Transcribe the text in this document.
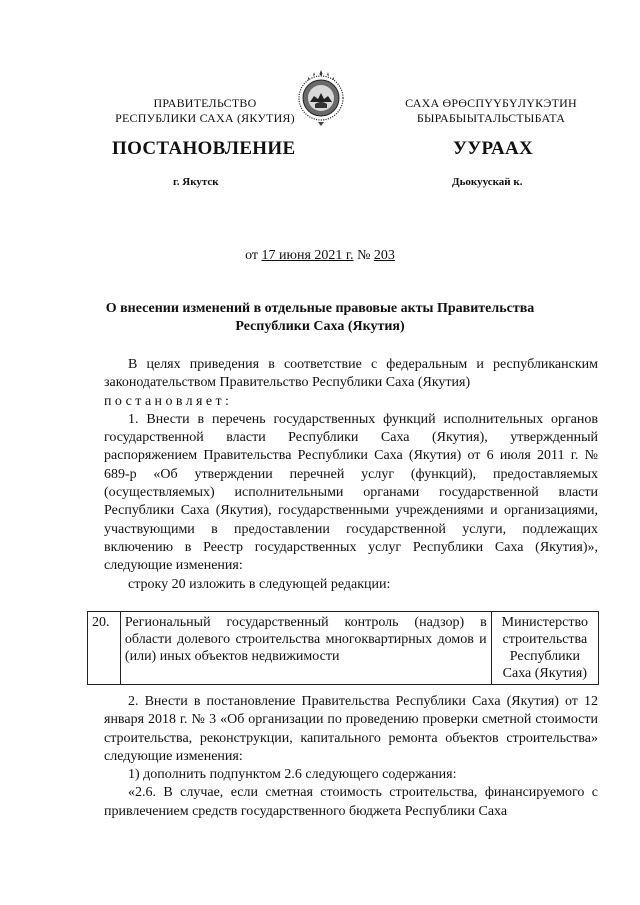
ПРАВИТЕЛЬСТВО
РЕСПУБЛИКИ САХА (ЯКУТИЯ)
САХА ӨРӨСПҮҮБҮЛҮКЭТИН
БЫРАБЫЫТАЛЬСТЫБАТА
ПОСТАНОВЛЕНИЕ	УУРААХ
г. Якутск	Дьокуускай к.
от 17 июня 2021 г. № 203
О внесении изменений в отдельные правовые акты Правительства
Республики Саха (Якутия)

В целях приведения в соответствие с федеральным и республиканским законодательством Правительство Республики Саха (Якутия)

постановляет:

1. Внести в перечень государственных функций исполнительных органов государственной власти Республики Саха (Якутия), утвержденный распоряжением Правительства Республики Саха (Якутия) от 6 июля 2011 г. № 689-р «Об утверждении перечней услуг (функций), предоставляемых (осуществляемых) исполнительными органами государственной власти Республики Саха (Якутия), государственными учреждениями и организациями, участвующими в предоставлении государственной услуги, подлежащих включению в Реестр государственных услуг Республики Саха (Якутия)», следующие изменения:

строку 20 изложить в следующей редакции:

20.	Региональный государственный контроль (надзор) в области долевого строительства многоквартирных домов и (или) иных объектов недвижимости	Министерство строительства Республики Саха (Якутия)

2. Внести в постановление Правительства Республики Саха (Якутия) от 12 января 2018 г. № 3 «Об организации по проведению проверки сметной стоимости строительства, реконструкции, капитального ремонта объектов строительства» следующие изменения:

1) дополнить подпунктом 2.6 следующего содержания:

«2.6. В случае, если сметная стоимость строительства, финансируемого с привлечением средств государственного бюджета Республики Саха
